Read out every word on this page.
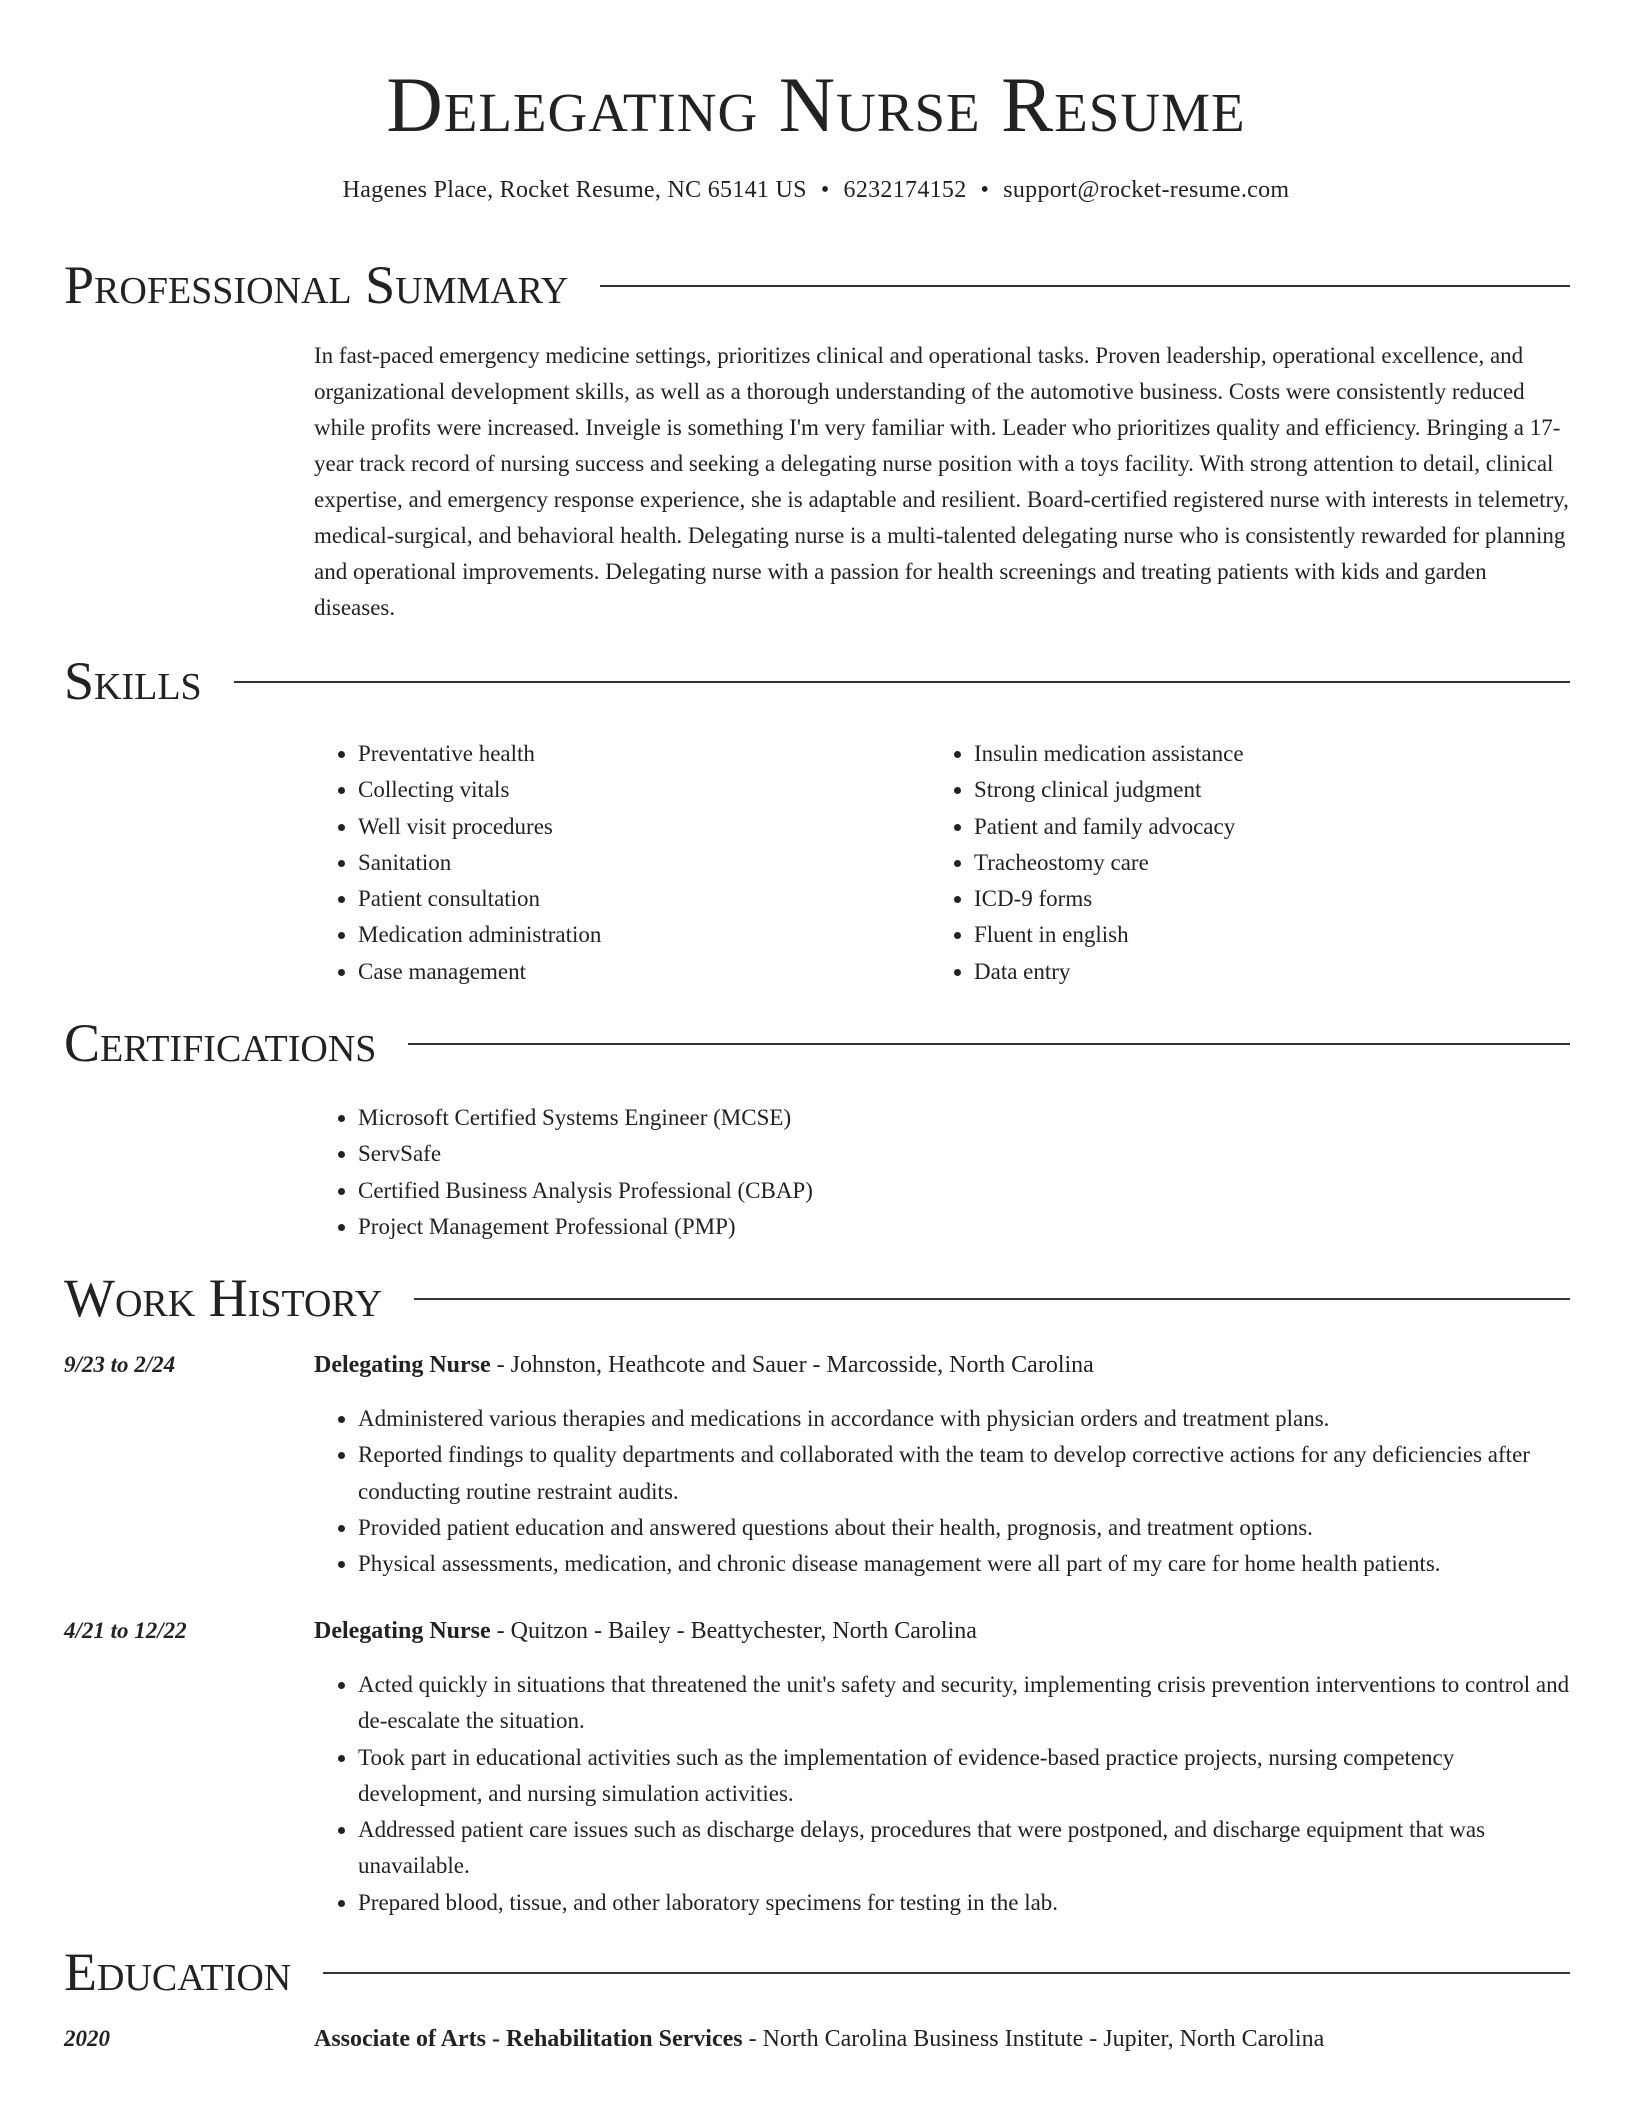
Delegating Nurse Resume
Hagenes Place, Rocket Resume, NC 65141 US • 6232174152 • support@rocket-resume.com
Professional Summary

In fast-paced emergency medicine settings, prioritizes clinical and operational tasks. Proven leadership, operational excellence, and organizational development skills, as well as a thorough understanding of the automotive business. Costs were consistently reduced while profits were increased. Inveigle is something I'm very familiar with. Leader who prioritizes quality and efficiency. Bringing a 17-year track record of nursing success and seeking a delegating nurse position with a toys facility. With strong attention to detail, clinical expertise, and emergency response experience, she is adaptable and resilient. Board-certified registered nurse with interests in telemetry, medical-surgical, and behavioral health. Delegating nurse is a multi-talented delegating nurse who is consistently rewarded for planning and operational improvements. Delegating nurse with a passion for health screenings and treating patients with kids and garden diseases.

Skills
• Preventative health
• Collecting vitals
• Well visit procedures
• Sanitation
• Patient consultation
• Medication administration
• Case management
• Insulin medication assistance
• Strong clinical judgment
• Patient and family advocacy
• Tracheostomy care
• ICD-9 forms
• Fluent in english
• Data entry
Certifications
• Microsoft Certified Systems Engineer (MCSE)
• ServSafe
• Certified Business Analysis Professional (CBAP)
• Project Management Professional (PMP)
Work History
9/23 to 2/24	Delegating Nurse - Johnston, Heathcote and Sauer - Marcosside, North Carolina
• Administered various therapies and medications in accordance with physician orders and treatment plans.
• Reported findings to quality departments and collaborated with the team to develop corrective actions for any deficiencies after conducting routine restraint audits.
• Provided patient education and answered questions about their health, prognosis, and treatment options.
• Physical assessments, medication, and chronic disease management were all part of my care for home health patients.
4/21 to 12/22	Delegating Nurse - Quitzon - Bailey - Beattychester, North Carolina
• Acted quickly in situations that threatened the unit's safety and security, implementing crisis prevention interventions to control and de-escalate the situation.
• Took part in educational activities such as the implementation of evidence-based practice projects, nursing competency development, and nursing simulation activities.
• Addressed patient care issues such as discharge delays, procedures that were postponed, and discharge equipment that was unavailable.
• Prepared blood, tissue, and other laboratory specimens for testing in the lab.
Education
2020	Associate of Arts - Rehabilitation Services - North Carolina Business Institute - Jupiter, North Carolina
